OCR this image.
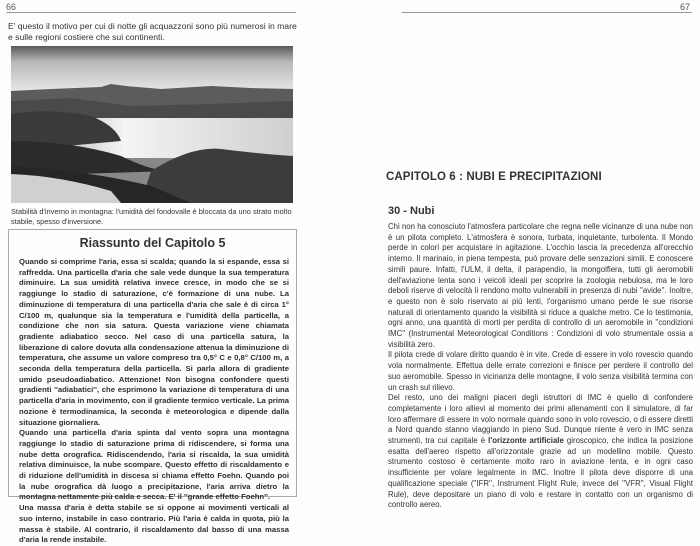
66
E' questo il motivo per cui di notte gli acquazzoni sono più numerosi in mare e sulle regioni costiere che sui continenti.
Stabilità d'inverno in montagna: l'umidità del fondovalle è bloccata da uno strato molto stabile, spesso d'inversione.
Riassunto del Capitolo 5

Quando si comprime l'aria, essa si scalda; quando la si espande, essa si raffredda. Una particella d'aria che sale vede dunque la sua temperatura diminuire. La sua umidità relativa invece cresce, in modo che se si raggiunge lo stadio di saturazione, c'è formazione di una nube. La diminuzione di temperatura di una particella d'aria che sale è di circa 1° C/100 m, qualunque sia la temperatura e l'umidità della particella, a condizione che non sia satura. Questa variazione viene chiamata gradiente adiabatico secco. Nel caso di una particella satura, la liberazione di calore dovuta alla condensazione attenua la diminuzione di temperatura, che assume un valore compreso tra 0,5° C e 0,8° C/100 m, a seconda della temperatura della particella. Si parla allora di gradiente umido pseudoadiabatico. Attenzione! Non bisogna confondere questi gradienti ''adiabatici'', che esprimono la variazione di temperatura di una particella d'aria in movimento, con il gradiente termico verticale. La prima nozione è termodinamica, la seconda è meteorologica e dipende dalla situazione giornaliera.

Quando una particella d'aria spinta dal vento sopra una montagna raggiunge lo stadio di saturazione prima di ridiscendere, si forma una nube detta orografica. Ridiscendendo, l'aria si riscalda, la sua umidità relativa diminuisce, la nube scompare. Questo effetto di riscaldamento e di riduzione dell'umidità in discesa si chiama effetto Foehn. Quando poi la nube orografica dà luogo a precipitazione, l'aria arriva dietro la montagna nettamente più calda e secca. E' il ''grande effetto Foehn''.

Una massa d'aria è detta stabile se si oppone ai movimenti verticali al suo interno, instabile in caso contrario. Più l'aria è calda in quota, più la massa è stabile. Al contrario, il riscaldamento dal basso di una massa d'aria la rende instabile.

67
CAPITOLO 6 : NUBI E PRECIPITAZIONI
30 - Nubi

Chi non ha conosciuto l'atmosfera particolare che regna nelle vicinanze di una nube non è un pilota completo. L'atmosfera è sonora, turbata, inquietante, turbolenta. Il Mondo perde in colori per acquistare in agitazione. L'occhio lascia la precedenza all'orecchio interno. Il marinaio, in piena tempesta, può provare delle senzazioni simili. E conoscere simili paure. Infatti, l'ULM, il delta, il parapendio, la mongolfiera, tutti gli aeromobili dell'aviazione lenta sono i veicoli ideali per scoprire la zoologia nebulosa, ma le loro deboli riserve di velocità li rendono molto vulnerabili in presenza di nubi ''avide''. Inoltre, e questo non è solo riservato ai più lenti, l'organismo umano perde le sue risorse naturali di orientamento quando la visibilità si riduce a qualche metro. Ce lo testimonia, ogni anno, una quantità di morti per perdita di controllo di un aeromobile in ''condizioni IMC'' (Instrumental Meteorological Conditions : Condizioni di volo strumentale ossia a visibilità zero.

Il pilota crede di volare diritto quando è in vite. Crede di essere in volo rovescio quando vola normalmente. Effettua delle errate correzioni e finisce per perdere il controllo del suo aeromobile. Spesso in vicinanza delle montagne, il volo senza visibilità termina con un crash sul rilievo.

Del resto, uno dei maligni piaceri degli istruttori di IMC è quello di confondere completamente i loro allievi al momento dei primi allenamenti con il simulatore, di far loro affermare di essere in volo normale quando sono in volo rovescio, o di essere diretti a Nord quando stanno viaggiando in pieno Sud. Dunque niente è vero in IMC senza strumenti, tra cui capitale è l'orizzonte artificiale giroscopico, che indica la posizione esatta dell'aereo rispetto all'orizzontale grazie ad un modellino mobile. Questo strumento costoso è certamente molto raro in aviazione lenta, e in ogni caso insufficiente per volare legalmente in IMC. Inoltre il pilota deve disporre di una qualificazione speciale (''IFR'', Instrument Flight Rule, invece del ''VFR'', Visual Flight Rule), deve depositare un piano di volo e restare in contatto con un organismo di controllo aereo.
